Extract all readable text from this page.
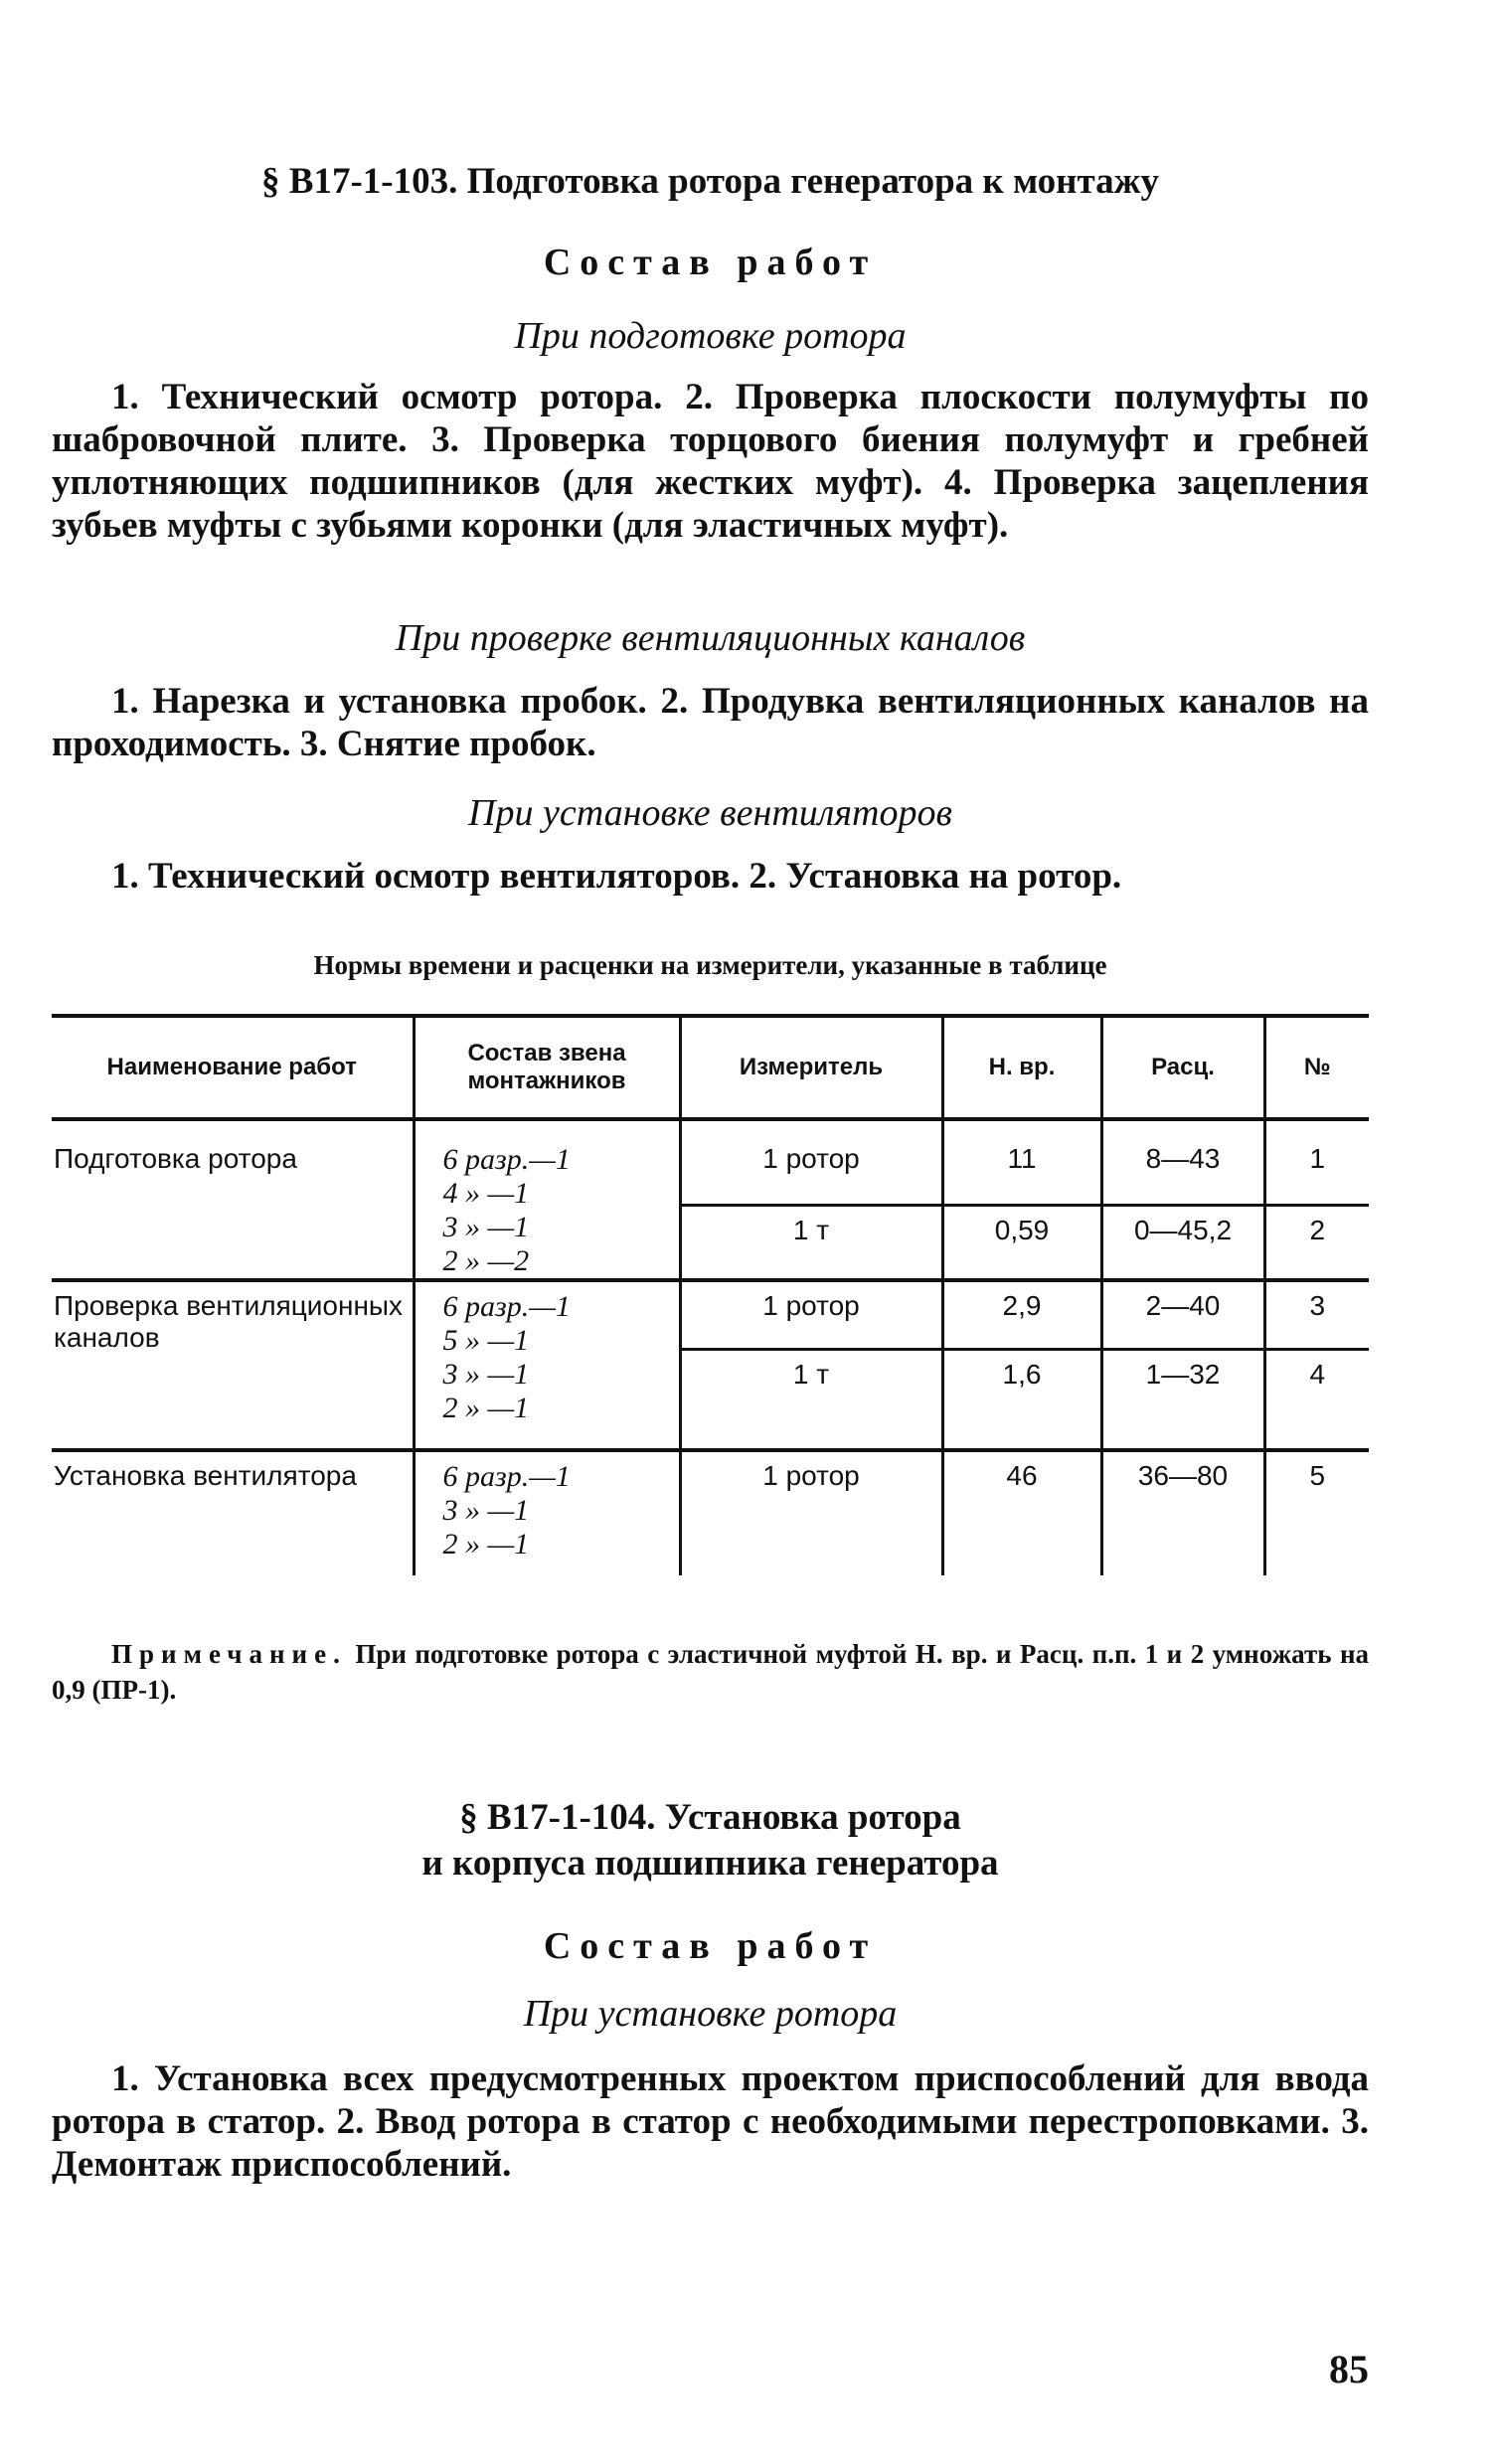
§ В17-1-103. Подготовка ротора генератора к монтажу
Состав работ
При подготовке ротора
1. Технический осмотр ротора. 2. Проверка плоскости полумуфты по шабровочной плите. 3. Проверка торцового биения полумуфт и гребней уплотняющих подшипников (для жестких муфт). 4. Проверка зацепления зубьев муфты с зубьями коронки (для эластичных муфт).
При проверке вентиляционных каналов
1. Нарезка и установка пробок. 2. Продувка вентиляционных каналов на проходимость. 3. Снятие пробок.
При установке вентиляторов
1. Технический осмотр вентиляторов. 2. Установка на ротор.
Нормы времени и расценки на измерители, указанные в таблице
Наименование работ	Состав звена монтажников	Измеритель	Н. вр.	Расц.	№

Подготовка ротора	6 разр.—1
4 » —1
3 » —1
2 » —2	1 ротор	11	8—43	1
		1 т	0,59	0—45,2	2
Проверка вентиляционных каналов	6 разр.—1
5 » —1
3 » —1
2 » —1	1 ротор	2,9	2—40	3
		1 т	1,6	1—32	4
Установка вентилятора	6 разр.—1
3 » —1
2 » —1	1 ротор	46	36—80	5
Примечание. При подготовке ротора с эластичной муфтой Н. вр. и Расц. п.п. 1 и 2 умножать на 0,9 (ПР-1).
§ В17-1-104. Установка ротора
и корпуса подшипника генератора
Состав работ
При установке ротора
1. Установка всех предусмотренных проектом приспособлений для ввода ротора в статор. 2. Ввод ротора в статор с необходимыми перестроповками. 3. Демонтаж приспособлений.
85
